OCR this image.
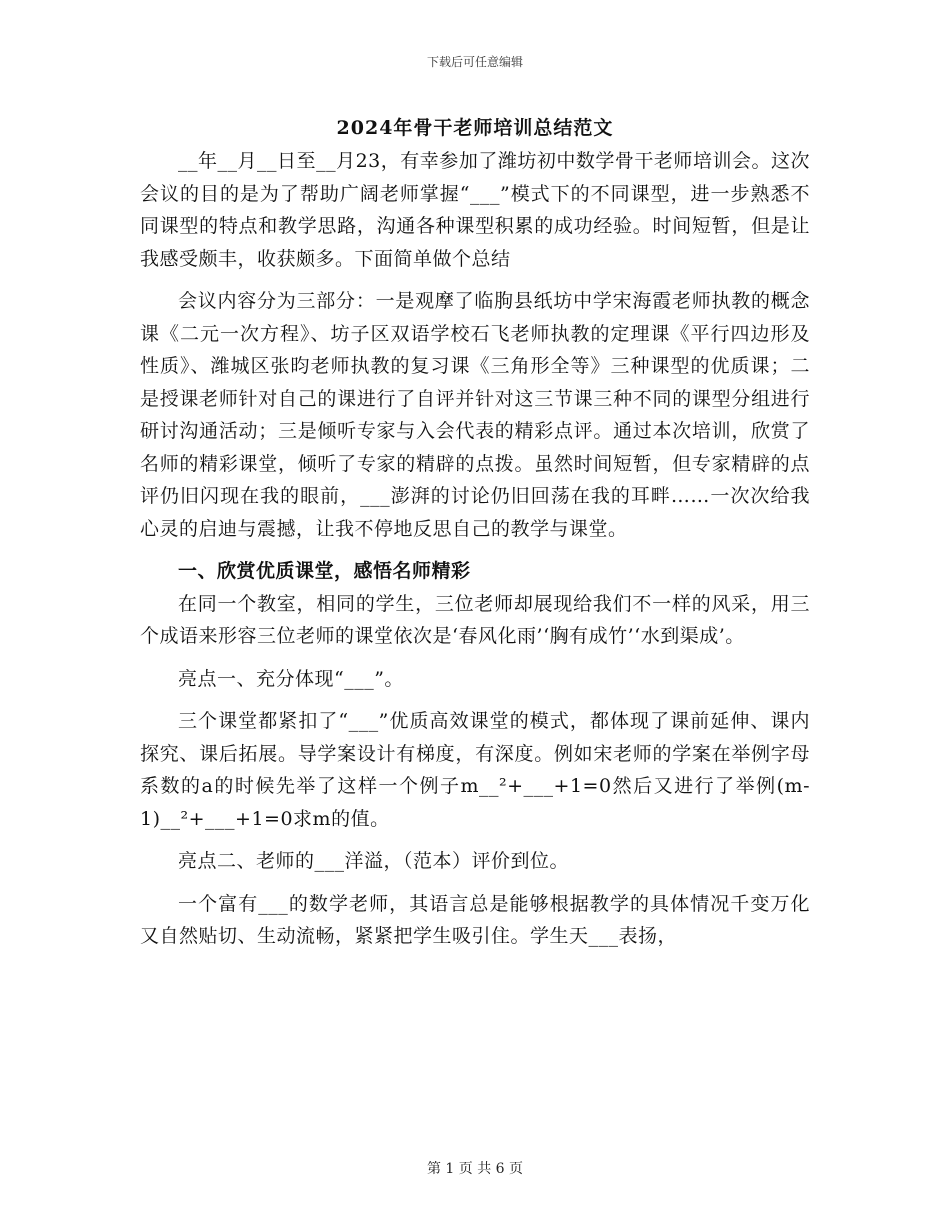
下载后可任意编辑
2024年骨干老师培训总结范文

__年__月__日至__月23，有幸参加了潍坊初中数学骨干老师培训会。这次会议的目的是为了帮助广阔老师掌握“___”模式下的不同课型，进一步熟悉不同课型的特点和教学思路，沟通各种课型积累的成功经验。时间短暂，但是让我感受颇丰，收获颇多。下面简单做个总结

会议内容分为三部分：一是观摩了临朐县纸坊中学宋海霞老师执教的概念课《二元一次方程》、坊子区双语学校石飞老师执教的定理课《平行四边形及性质》、潍城区张昀老师执教的复习课《三角形全等》三种课型的优质课；二是授课老师针对自己的课进行了自评并针对这三节课三种不同的课型分组进行研讨沟通活动；三是倾听专家与入会代表的精彩点评。通过本次培训，欣赏了名师的精彩课堂，倾听了专家的精辟的点拨。虽然时间短暂，但专家精辟的点评仍旧闪现在我的眼前，___澎湃的讨论仍旧回荡在我的耳畔……一次次给我心灵的启迪与震撼，让我不停地反思自己的教学与课堂。

一、欣赏优质课堂，感悟名师精彩

在同一个教室，相同的学生，三位老师却展现给我们不一样的风采，用三个成语来形容三位老师的课堂依次是‘春风化雨’‘胸有成竹’‘水到渠成’。

亮点一、充分体现“___”。

三个课堂都紧扣了“___”优质高效课堂的模式，都体现了课前延伸、课内探究、课后拓展。导学案设计有梯度，有深度。例如宋老师的学案在举例字母系数的a的时候先举了这样一个例子m__²+___+1=0然后又进行了举例(m-1)__²+___+1=0求m的值。

亮点二、老师的___洋溢，（范本）评价到位。

一个富有___的数学老师，其语言总是能够根据教学的具体情况千变万化又自然贴切、生动流畅，紧紧把学生吸引住。学生天___表扬，

第 1 页 共 6 页
